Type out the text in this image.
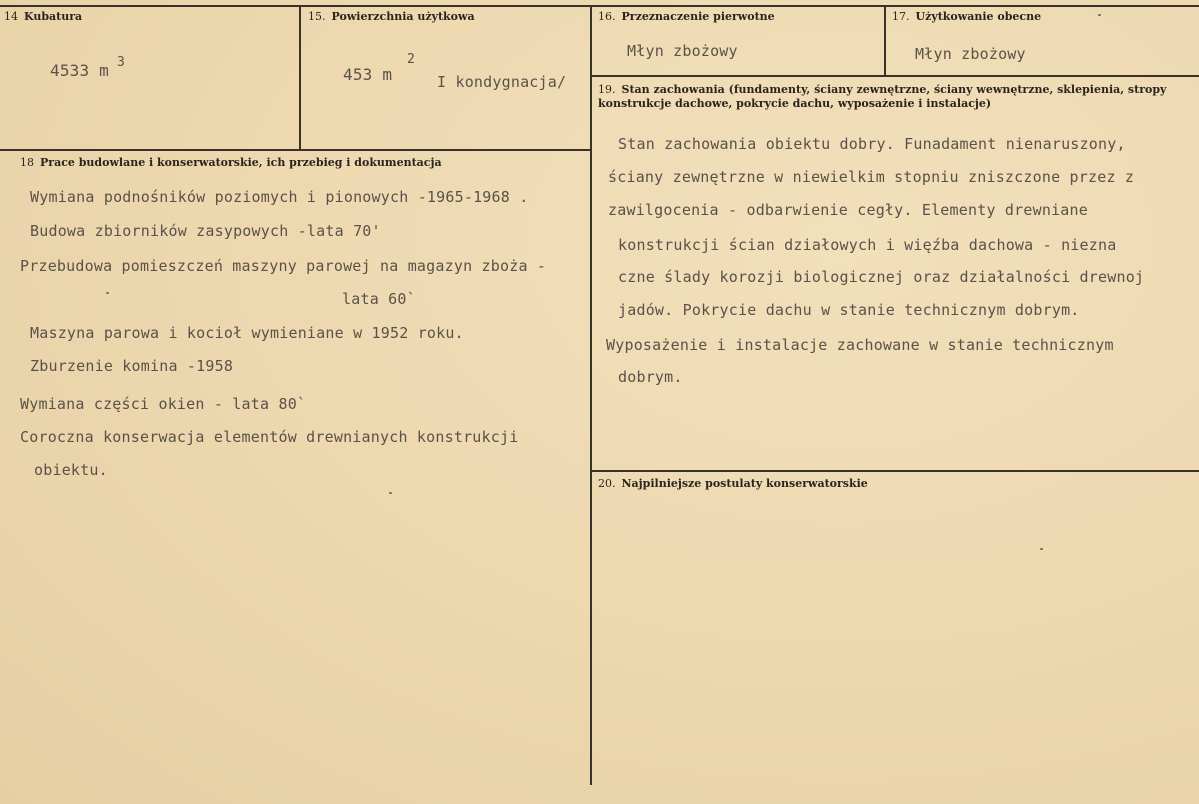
14 Kubatura
4533 m 3
15. Powierzchnia użytkowa
453 m
2
I kondygnacja/
16. Przeznaczenie pierwotne
Młyn zbożowy
17. Użytkowanie obecne
Młyn zbożowy
18 Prace budowlane i konserwatorskie, ich przebieg i dokumentacja
Wymiana podnośników poziomych i pionowych -1965-1968 .
Budowa zbiorników zasypowych -lata 70'
Przebudowa pomieszczeń maszyny parowej na magazyn zboża -
lata 60`
Maszyna parowa i kocioł wymieniane w 1952 roku.
Zburzenie komina -1958
Wymiana części okien - lata 80`
Coroczna konserwacja elementów drewnianych konstrukcji
obiektu.
19. Stan zachowania (fundamenty, ściany zewnętrzne, ściany wewnętrzne, sklepienia, stropy konstrukcje dachowe, pokrycie dachu, wyposażenie i instalacje)
Stan zachowania obiektu dobry. Funadament nienaruszony,
ściany zewnętrzne w niewielkim stopniu zniszczone przez z
zawilgocenia - odbarwienie cegły. Elementy drewniane
konstrukcji ścian działowych i więźba dachowa - niezna
czne ślady korozji biologicznej oraz działalności drewnoj
jadów. Pokrycie dachu w stanie technicznym dobrym.
Wyposażenie i instalacje zachowane w stanie technicznym
dobrym.
20. Najpilniejsze postulaty konserwatorskie
